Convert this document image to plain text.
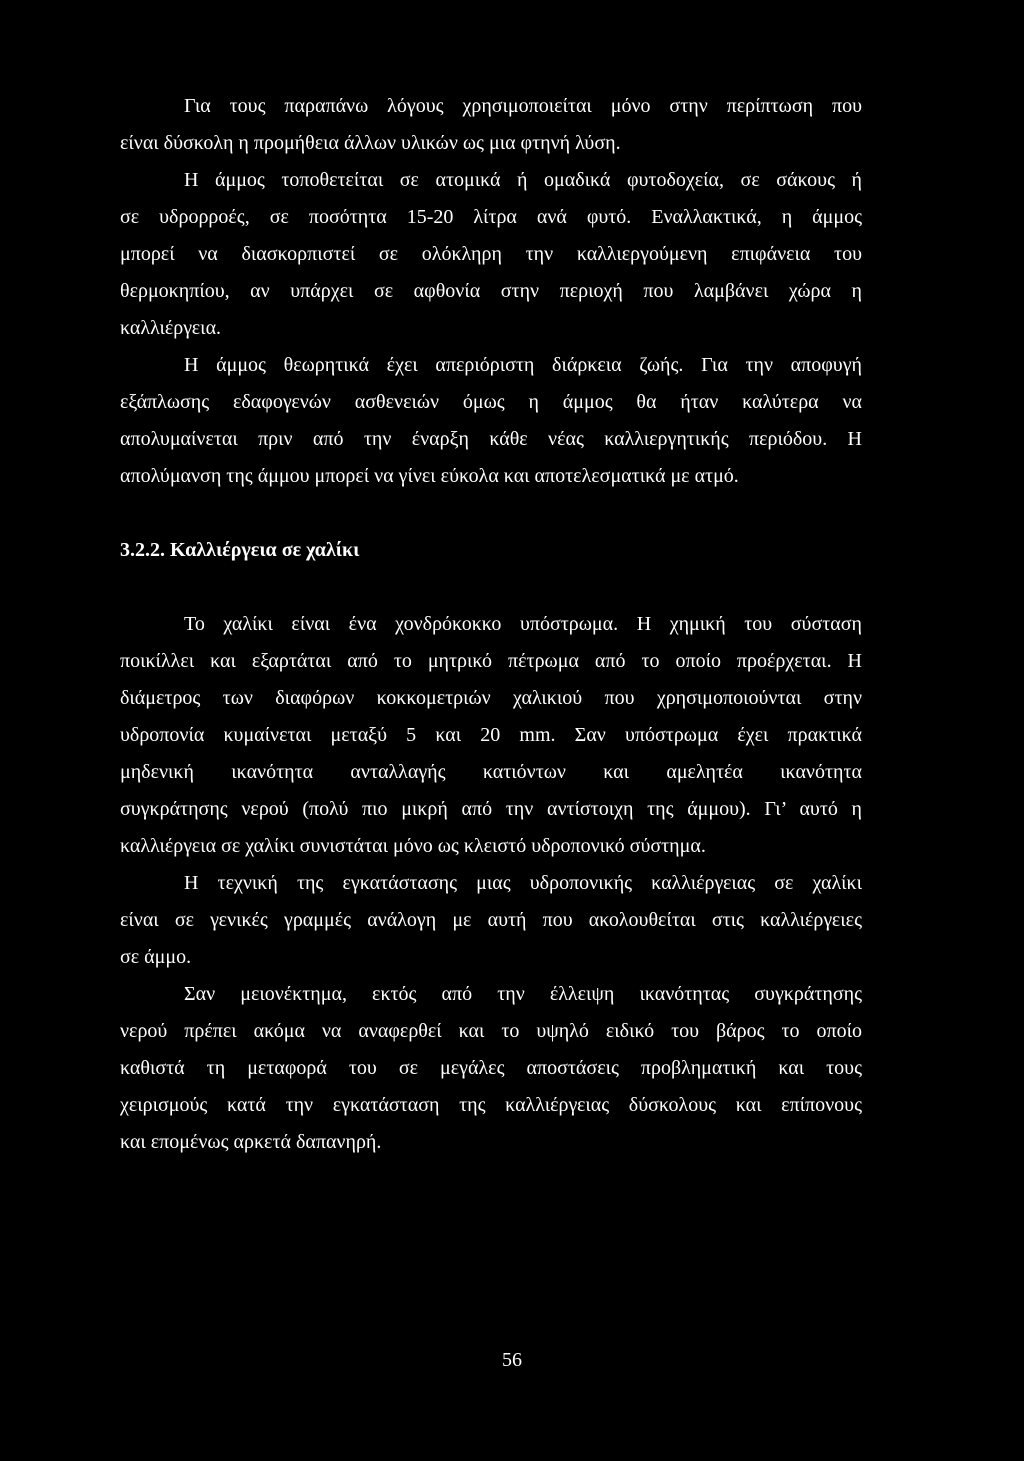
Για τους παραπάνω λόγους χρησιμοποιείται μόνο στην περίπτωση που
είναι δύσκολη η προμήθεια άλλων υλικών ως μια φτηνή λύση.
Η άμμος τοποθετείται σε ατομικά ή ομαδικά φυτοδοχεία, σε σάκους ή
σε υδρορροές, σε ποσότητα 15-20 λίτρα ανά φυτό. Εναλλακτικά, η άμμος
μπορεί να διασκορπιστεί σε ολόκληρη την καλλιεργούμενη επιφάνεια του
θερμοκηπίου, αν υπάρχει σε αφθονία στην περιοχή που λαμβάνει χώρα η
καλλιέργεια.
Η άμμος θεωρητικά έχει απεριόριστη διάρκεια ζωής. Για την αποφυγή
εξάπλωσης εδαφογενών ασθενειών όμως η άμμος θα ήταν καλύτερα να
απολυμαίνεται πριν από την έναρξη κάθε νέας καλλιεργητικής περιόδου. Η
απολύμανση της άμμου μπορεί να γίνει εύκολα και αποτελεσματικά με ατμό.
3.2.2. Καλλιέργεια σε χαλίκι
Το χαλίκι είναι ένα χονδρόκοκκο υπόστρωμα. Η χημική του σύσταση
ποικίλλει και εξαρτάται από το μητρικό πέτρωμα από το οποίο προέρχεται. Η
διάμετρος των διαφόρων κοκκομετριών χαλικιού που χρησιμοποιούνται στην
υδροπονία κυμαίνεται μεταξύ 5 και 20 mm. Σαν υπόστρωμα έχει πρακτικά
μηδενική ικανότητα ανταλλαγής κατιόντων και αμελητέα ικανότητα
συγκράτησης νερού (πολύ πιο μικρή από την αντίστοιχη της άμμου). Γι’ αυτό η
καλλιέργεια σε χαλίκι συνιστάται μόνο ως κλειστό υδροπονικό σύστημα.
Η τεχνική της εγκατάστασης μιας υδροπονικής καλλιέργειας σε χαλίκι
είναι σε γενικές γραμμές ανάλογη με αυτή που ακολουθείται στις καλλιέργειες
σε άμμο.
Σαν μειονέκτημα, εκτός από την έλλειψη ικανότητας συγκράτησης
νερού πρέπει ακόμα να αναφερθεί και το υψηλό ειδικό του βάρος το οποίο
καθιστά τη μεταφορά του σε μεγάλες αποστάσεις προβληματική και τους
χειρισμούς κατά την εγκατάσταση της καλλιέργειας δύσκολους και επίπονους
και επομένως αρκετά δαπανηρή.
56
